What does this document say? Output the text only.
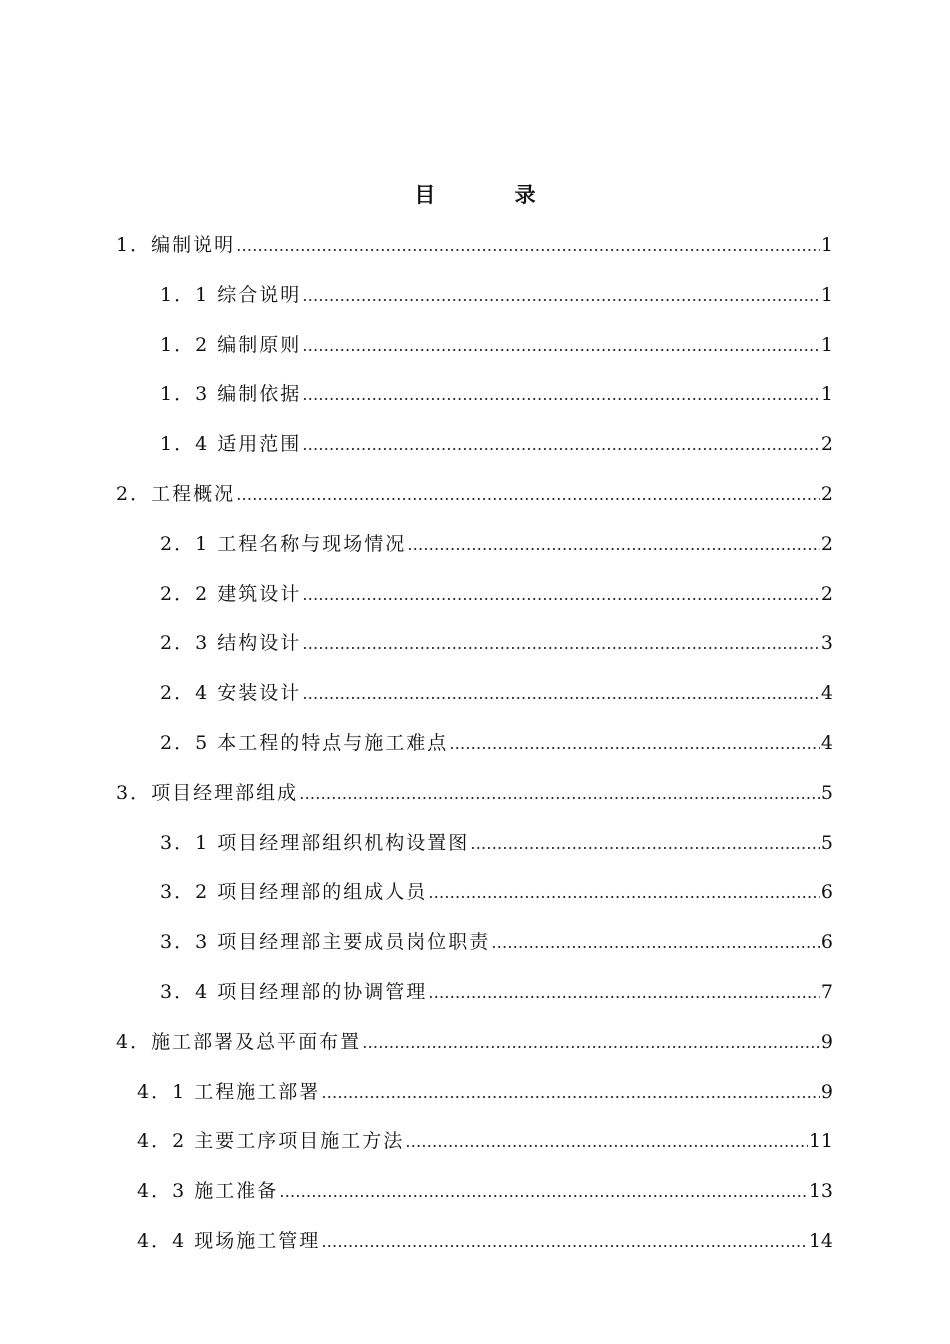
目 录
1．编制说明 …………………………………………………………………………………………………………………………………………………………	1
1．1 综合说明 …………………………………………………………………………………………………………………………………………………………	1
1．2 编制原则 …………………………………………………………………………………………………………………………………………………………	1
1．3 编制依据 …………………………………………………………………………………………………………………………………………………………	1
1．4 适用范围 …………………………………………………………………………………………………………………………………………………………	2
2．工程概况 …………………………………………………………………………………………………………………………………………………………	2
2．1 工程名称与现场情况 …………………………………………………………………………………………………………………………………………………………	2
2．2 建筑设计 …………………………………………………………………………………………………………………………………………………………	2
2．3 结构设计 …………………………………………………………………………………………………………………………………………………………	3
2．4 安装设计 …………………………………………………………………………………………………………………………………………………………	4
2．5 本工程的特点与施工难点 …………………………………………………………………………………………………………………………………………………………	4
3．项目经理部组成 …………………………………………………………………………………………………………………………………………………………	5
3．1 项目经理部组织机构设置图 …………………………………………………………………………………………………………………………………………………………	5
3．2 项目经理部的组成人员 …………………………………………………………………………………………………………………………………………………………	6
3．3 项目经理部主要成员岗位职责 …………………………………………………………………………………………………………………………………………………………	6
3．4 项目经理部的协调管理 …………………………………………………………………………………………………………………………………………………………	7
4．施工部署及总平面布置 …………………………………………………………………………………………………………………………………………………………	9
4．1 工程施工部署 …………………………………………………………………………………………………………………………………………………………	9
4．2 主要工序项目施工方法 …………………………………………………………………………………………………………………………………………………………	11
4．3 施工准备 …………………………………………………………………………………………………………………………………………………………	13
4．4 现场施工管理 …………………………………………………………………………………………………………………………………………………………	14
